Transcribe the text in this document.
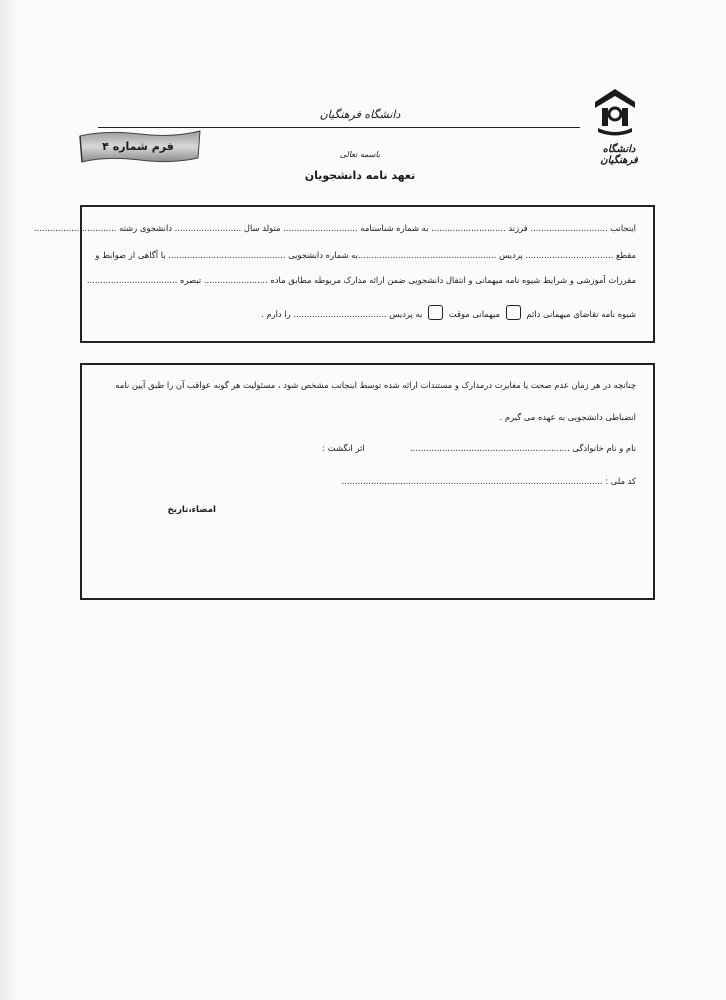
دانشگاه فرهنگیان
دانشگاه فرهنگیان
فرم شماره ۴
باسمه تعالی
تعهد نامه دانشجویان
اینجانب ............................. فرزند ............................ به شماره شناسنامه ............................ متولد سال ......................... دانشجوی رشته ...............................
مقطع ................................. پردیس ....................................................به شماره دانشجویی ............................................ با آگاهی از ضوابط و
مقررات آموزشی و شرایط شیوه نامه میهمانی و انتقال دانشجویی ضمن ارائه مدارک مربوطه مطابق ماده ........................ تبصره ..................................
شیوه نامه تقاضای میهمانی دائم  میهمانی موقت  به پردیس ................................... را دارم .
چنانچه در هر زمان عدم صحت یا مغایرت درمدارک و مستندات ارائه شده توسط اینجانب مشخص شود ، مسئولیت هر گونه عواقب آن را طبق آیین نامه
انضباطی دانشجویی به عهده می گیرم .
نام و نام خانوادگی ............................................................  اثر انگشت :
کد ملی : ..................................................................................................
امضاء،تاریخ
